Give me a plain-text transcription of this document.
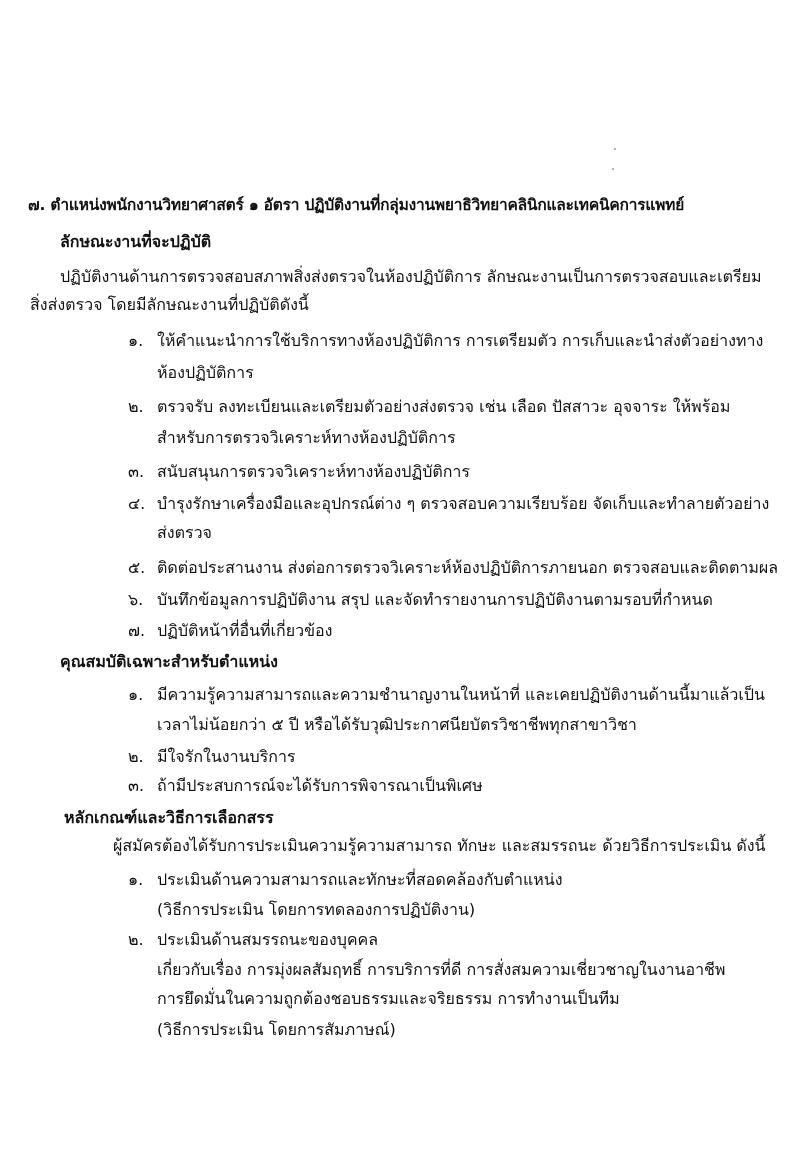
๗. ตำแหน่งพนักงานวิทยาศาสตร์ ๑ อัตรา ปฏิบัติงานที่กลุ่มงานพยาธิวิทยาคลินิกและเทคนิคการแพทย์
ลักษณะงานที่จะปฏิบัติ
ปฏิบัติงานด้านการตรวจสอบสภาพสิ่งส่งตรวจในห้องปฏิบัติการ ลักษณะงานเป็นการตรวจสอบและเตรียม
สิ่งส่งตรวจ โดยมีลักษณะงานที่ปฏิบัติดังนี้
๑. ให้คำแนะนำการใช้บริการทางห้องปฏิบัติการ การเตรียมตัว การเก็บและนำส่งตัวอย่างทาง
ห้องปฏิบัติการ
๒. ตรวจรับ ลงทะเบียนและเตรียมตัวอย่างส่งตรวจ เช่น เลือด ปัสสาวะ อุจจาระ ให้พร้อม
สำหรับการตรวจวิเคราะห์ทางห้องปฏิบัติการ
๓. สนับสนุนการตรวจวิเคราะห์ทางห้องปฏิบัติการ
๔. บำรุงรักษาเครื่องมือและอุปกรณ์ต่าง ๆ ตรวจสอบความเรียบร้อย จัดเก็บและทำลายตัวอย่าง
ส่งตรวจ
๕. ติดต่อประสานงาน ส่งต่อการตรวจวิเคราะห์ห้องปฏิบัติการภายนอก ตรวจสอบและติดตามผล
๖. บันทึกข้อมูลการปฏิบัติงาน สรุป และจัดทำรายงานการปฏิบัติงานตามรอบที่กำหนด
๗. ปฏิบัติหน้าที่อื่นที่เกี่ยวข้อง
คุณสมบัติเฉพาะสำหรับตำแหน่ง
๑. มีความรู้ความสามารถและความชำนาญงานในหน้าที่ และเคยปฏิบัติงานด้านนี้มาแล้วเป็น
เวลาไม่น้อยกว่า ๕ ปี หรือได้รับวุฒิประกาศนียบัตรวิชาชีพทุกสาขาวิชา
๒. มีใจรักในงานบริการ
๓. ถ้ามีประสบการณ์จะได้รับการพิจารณาเป็นพิเศษ
หลักเกณฑ์และวิธีการเลือกสรร
ผู้สมัครต้องได้รับการประเมินความรู้ความสามารถ ทักษะ และสมรรถนะ ด้วยวิธีการประเมิน ดังนี้
๑. ประเมินด้านความสามารถและทักษะที่สอดคล้องกับตำแหน่ง
(วิธีการประเมิน โดยการทดลองการปฏิบัติงาน)
๒. ประเมินด้านสมรรถนะของบุคคล
เกี่ยวกับเรื่อง การมุ่งผลสัมฤทธิ์ การบริการที่ดี การสั่งสมความเชี่ยวชาญในงานอาชีพ
การยึดมั่นในความถูกต้องชอบธรรมและจริยธรรม การทำงานเป็นทีม
(วิธีการประเมิน โดยการสัมภาษณ์)
